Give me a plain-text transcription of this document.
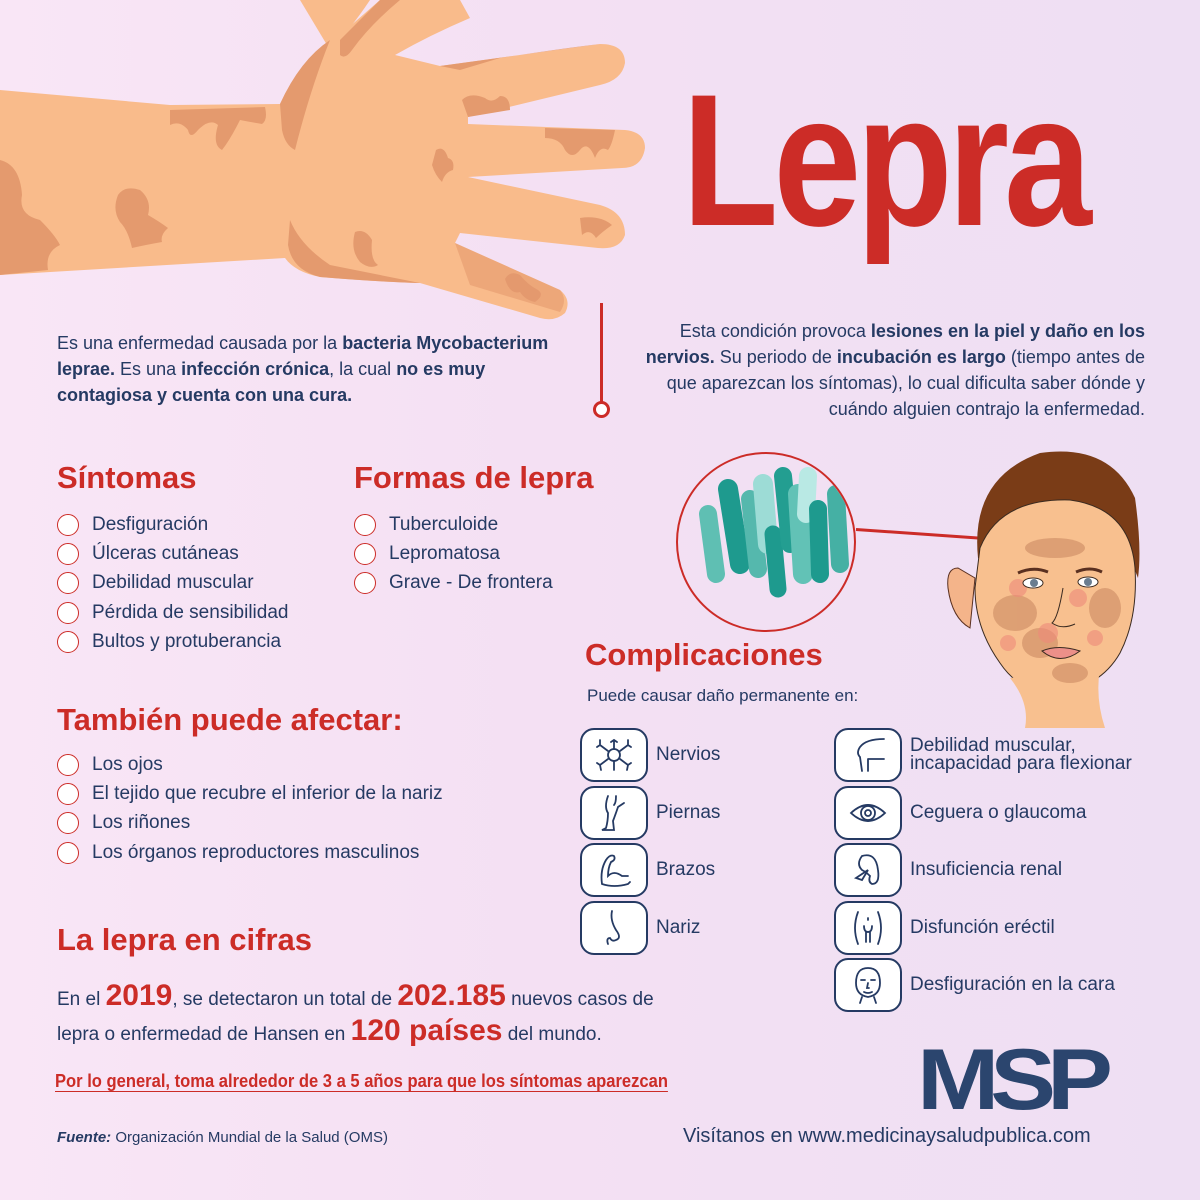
Lepra

Es una enfermedad causada por la bacteria Mycobacterium leprae. Es una infección crónica, la cual no es muy contagiosa y cuenta con una cura.

Esta condición provoca lesiones en la piel y daño en los nervios. Su periodo de incubación es largo (tiempo antes de que aparezcan los síntomas), lo cual dificulta saber dónde y cuándo alguien contrajo la enfermedad.

Síntomas
Desfiguración
Úlceras cutáneas
Debilidad muscular
Pérdida de sensibilidad
Bultos y protuberancia
Formas de lepra
Tuberculoide
Lepromatosa
Grave - De frontera
Complicaciones
Puede causar daño permanente en:
Nervios
Piernas
Brazos
Nariz
Debilidad muscular,
incapacidad para flexionar
Ceguera o glaucoma
Insuficiencia renal
Disfunción eréctil
Desfiguración en la cara
También puede afectar:
Los ojos
El tejido que recubre el inferior de la nariz
Los riñones
Los órganos reproductores masculinos
La lepra en cifras

En el 2019, se detectaron un total de 202.185 nuevos casos de lepra o enfermedad de Hansen en 120 países del mundo.

Por lo general, toma alrededor de 3 a 5 años para que los síntomas aparezcan
Fuente: Organización Mundial de la Salud (OMS)
MSP
Visítanos en www.medicinaysaludpublica.com
